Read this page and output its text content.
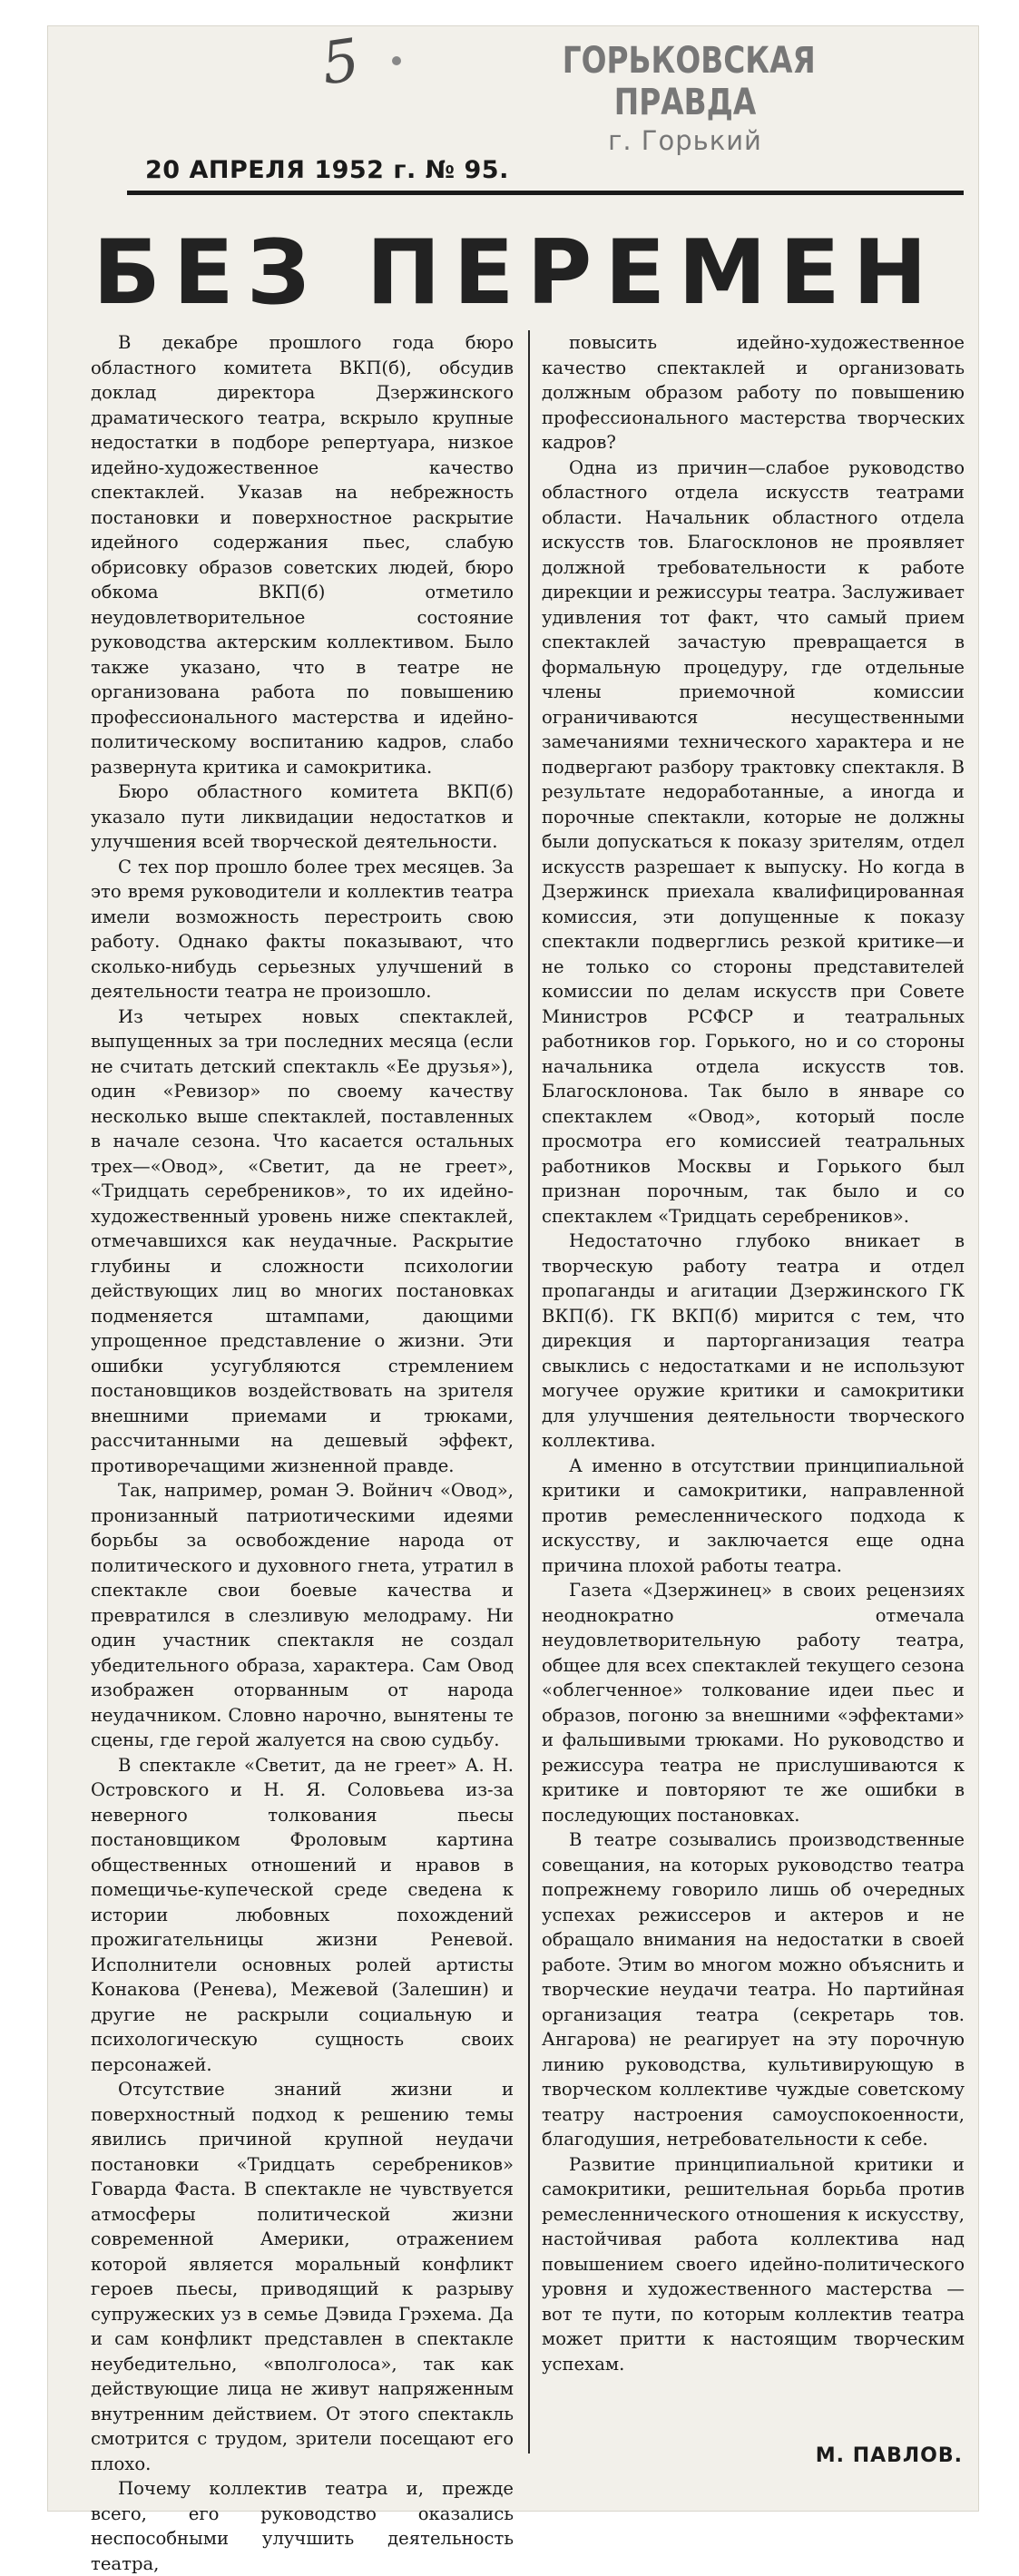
5	ГОРЬКОВСКАЯ ПРАВДА
г. Горький
20 АПРЕЛЯ 1952 г. № 95.
БЕЗ ПЕРЕМЕН

В декабре прошлого года бюро областного комитета ВКП(б), обсудив доклад директора Дзержинского драматического театра, вскрыло крупные недостатки в подборе репертуара, низкое идейно-художественное качество спектаклей. Указав на небрежность постановки и поверхностное раскрытие идейного содержания пьес, слабую обрисовку образов советских людей, бюро обкома ВКП(б) отметило неудовлетворительное состояние руководства актерским коллективом. Было также указано, что в театре не организована работа по повышению профессионального мастерства и идейно-политическому воспитанию кадров, слабо развернута критика и самокритика.

Бюро областного комитета ВКП(б) указало пути ликвидации недостатков и улучшения всей творческой деятельности.

С тех пор прошло более трех месяцев. За это время руководители и коллектив театра имели возможность перестроить свою работу. Однако факты показывают, что сколько-нибудь серьезных улучшений в деятельности театра не произошло.

Из четырех новых спектаклей, выпущенных за три последних месяца (если не считать детский спектакль «Ее друзья»), один «Ревизор» по своему качеству несколько выше спектаклей, поставленных в начале сезона. Что касается остальных трех—«Овод», «Светит, да не греет», «Тридцать серебреников», то их идейно-художественный уровень ниже спектаклей, отмечавшихся как неудачные. Раскрытие глубины и сложности психологии действующих лиц во многих постановках подменяется штампами, дающими упрощенное представление о жизни. Эти ошибки усугубляются стремлением постановщиков воздействовать на зрителя внешними приемами и трюками, рассчитанными на дешевый эффект, противоречащими жизненной правде.

Так, например, роман Э. Войнич «Овод», пронизанный патриотическими идеями борьбы за освобождение народа от политического и духовного гнета, утратил в спектакле свои боевые качества и превратился в слезливую мелодраму. Ни один участник спектакля не создал убедительного образа, характера. Сам Овод изображен оторванным от народа неудачником. Словно нарочно, вынятены те сцены, где герой жалуется на свою судьбу.

В спектакле «Светит, да не греет» А. Н. Островского и Н. Я. Соловьева из-за неверного толкования пьесы постановщиком Фроловым картина общественных отношений и нравов в помещичье-купеческой среде сведена к истории любовных похождений прожигательницы жизни Реневой. Исполнители основных ролей артисты Конакова (Ренева), Межевой (Залешин) и другие не раскрыли социальную и психологическую сущность своих персонажей.

Отсутствие знаний жизни и поверхностный подход к решению темы явились причиной крупной неудачи постановки «Тридцать серебреников» Говарда Фаста. В спектакле не чувствуется атмосферы политической жизни современной Америки, отражением которой является моральный конфликт героев пьесы, приводящий к разрыву супружеских уз в семье Дэвида Грэхема. Да и сам конфликт представлен в спектакле неубедительно, «вполголоса», так как действующие лица не живут напряженным внутренним действием. От этого спектакль смотрится с трудом, зрители посещают его плохо.

Почему коллектив театра и, прежде всего, его руководство оказались неспособными улучшить деятельность театра,

повысить идейно-художественное качество спектаклей и организовать должным образом работу по повышению профессионального мастерства творческих кадров?

Одна из причин—слабое руководство областного отдела искусств театрами области. Начальник областного отдела искусств тов. Благосклонов не проявляет должной требовательности к работе дирекции и режиссуры театра. Заслуживает удивления тот факт, что самый прием спектаклей зачастую превращается в формальную процедуру, где отдельные члены приемочной комиссии ограничиваются несущественными замечаниями технического характера и не подвергают разбору трактовку спектакля. В результате недоработанные, а иногда и порочные спектакли, которые не должны были допускаться к показу зрителям, отдел искусств разрешает к выпуску. Но когда в Дзержинск приехала квалифицированная комиссия, эти допущенные к показу спектакли подверглись резкой критике—и не только со стороны представителей комиссии по делам искусств при Совете Министров РСФСР и театральных работников гор. Горького, но и со стороны начальника отдела искусств тов. Благосклонова. Так было в январе со спектаклем «Овод», который после просмотра его комиссией театральных работников Москвы и Горького был признан порочным, так было и со спектаклем «Тридцать серебреников».

Недостаточно глубоко вникает в творческую работу театра и отдел пропаганды и агитации Дзержинского ГК ВКП(б). ГК ВКП(б) мирится с тем, что дирекция и парторганизация театра свыклись с недостатками и не используют могучее оружие критики и самокритики для улучшения деятельности творческого коллектива.

А именно в отсутствии принципиальной критики и самокритики, направленной против ремесленнического подхода к искусству, и заключается еще одна причина плохой работы театра.

Газета «Дзержинец» в своих рецензиях неоднократно отмечала неудовлетворительную работу театра, общее для всех спектаклей текущего сезона «облегченное» толкование идеи пьес и образов, погоню за внешними «эффектами» и фальшивыми трюками. Но руководство и режиссура театра не прислушиваются к критике и повторяют те же ошибки в последующих постановках.

В театре созывались производственные совещания, на которых руководство театра попрежнему говорило лишь об очередных успехах режиссеров и актеров и не обращало внимания на недостатки в своей работе. Этим во многом можно объяснить и творческие неудачи театра. Но партийная организация театра (секретарь тов. Ангарова) не реагирует на эту порочную линию руководства, культивирующую в творческом коллективе чуждые советскому театру настроения самоуспокоенности, благодушия, нетребовательности к себе.

Развитие принципиальной критики и самокритики, решительная борьба против ремесленнического отношения к искусству, настойчивая работа коллектива над повышением своего идейно-политического уровня и художественного мастерства — вот те пути, по которым коллектив театра может притти к настоящим творческим успехам.

М. ПАВЛОВ.
